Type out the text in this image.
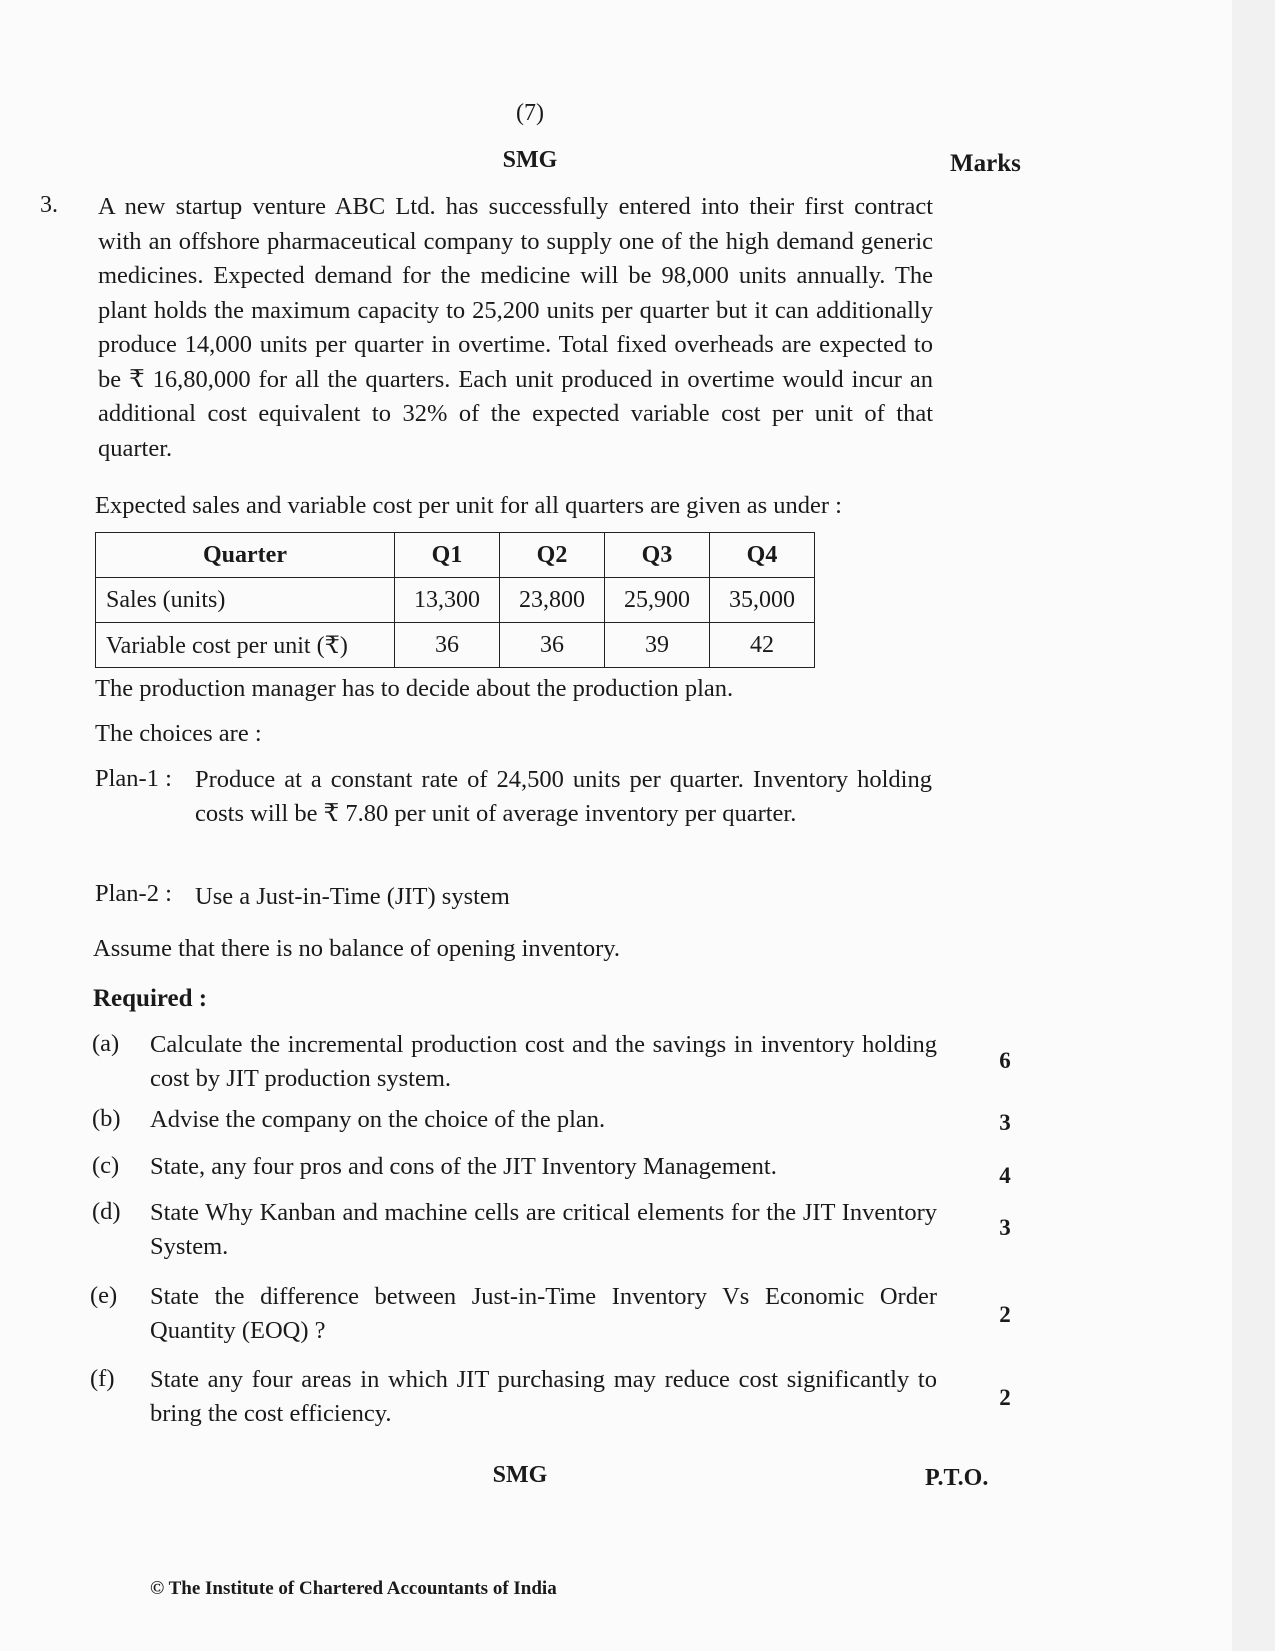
(7)
SMG	Marks
3. A new startup venture ABC Ltd. has successfully entered into their first contract with an offshore pharmaceutical company to supply one of the high demand generic medicines. Expected demand for the medicine will be 98,000 units annually. The plant holds the maximum capacity to 25,200 units per quarter but it can additionally produce 14,000 units per quarter in overtime. Total fixed overheads are expected to be ₹ 16,80,000 for all the quarters. Each unit produced in overtime would incur an additional cost equivalent to 32% of the expected variable cost per unit of that quarter.
Expected sales and variable cost per unit for all quarters are given as under :
Quarter	Q1	Q2	Q3	Q4
Sales (units)	13,300	23,800	25,900	35,000
Variable cost per unit (₹)	36	36	39	42
The production manager has to decide about the production plan.
The choices are :
Plan-1 : Produce at a constant rate of 24,500 units per quarter. Inventory holding costs will be ₹ 7.80 per unit of average inventory per quarter.
Plan-2 : Use a Just-in-Time (JIT) system
Assume that there is no balance of opening inventory.
Required :
(a) Calculate the incremental production cost and the savings in inventory holding cost by JIT production system.
6
(b) Advise the company on the choice of the plan.	3
(c) State, any four pros and cons of the JIT Inventory Management.	4
(d) State Why Kanban and machine cells are critical elements for the JIT Inventory System.
3
(e) State the difference between Just-in-Time Inventory Vs Economic Order Quantity (EOQ) ?
2
(f) State any four areas in which JIT purchasing may reduce cost significantly to bring the cost efficiency.
2
SMG	P.T.O.
© The Institute of Chartered Accountants of India
